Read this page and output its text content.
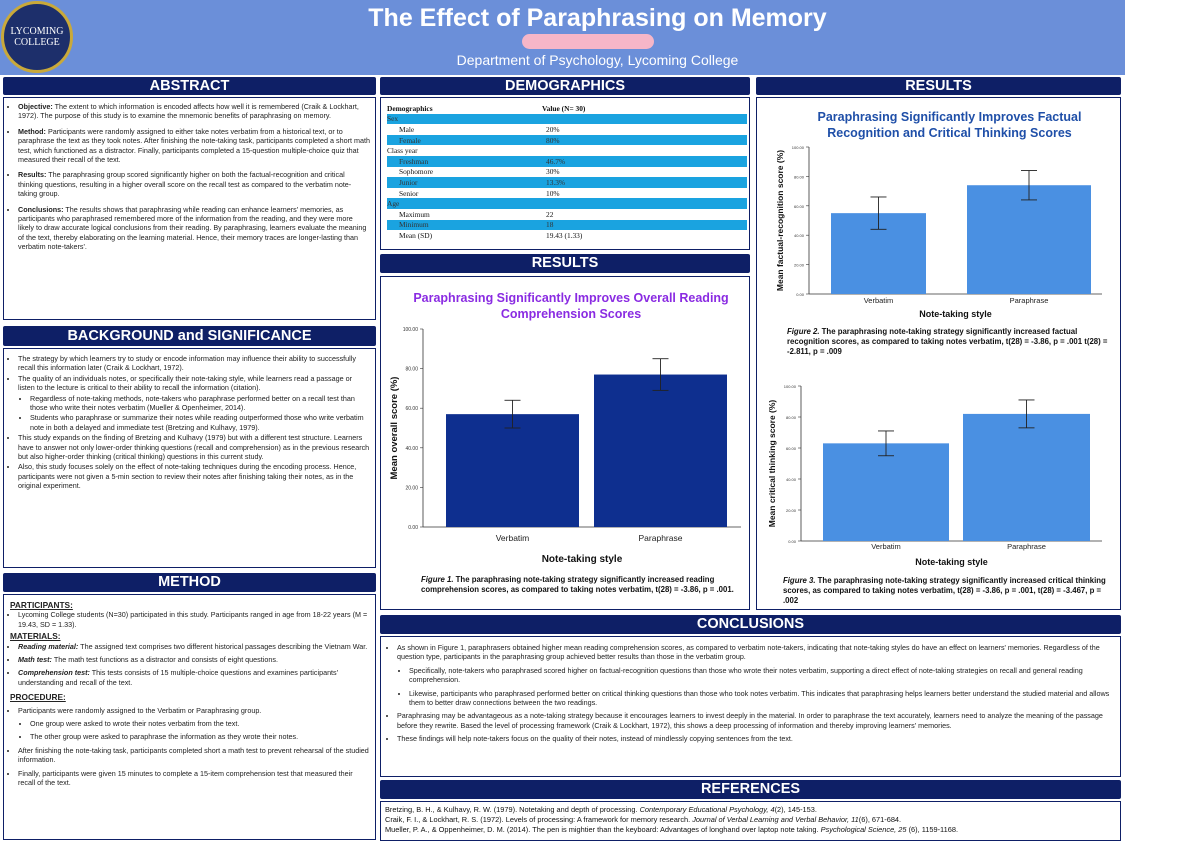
LYCOMING
COLLEGE
The Effect of Paraphrasing on Memory
Department of Psychology, Lycoming College
ABSTRACT
• Objective: The extent to which information is encoded affects how well it is remembered (Craik & Lockhart, 1972). The purpose of this study is to examine the mnemonic benefits of paraphrasing on memory.
• Method: Participants were randomly assigned to either take notes verbatim from a historical text, or to paraphrase the text as they took notes. After finishing the note-taking task, participants completed a short math test, which functioned as a distractor. Finally, participants completed a 15-question multiple-choice quiz that measured their recall of the text.
• Results: The paraphrasing group scored significantly higher on both the factual-recognition and critical thinking questions, resulting in a higher overall score on the recall test as compared to the verbatim note-taking group.
• Conclusions: The results shows that paraphrasing while reading can enhance learners' memories, as participants who paraphrased remembered more of the information from the reading, and they were more likely to draw accurate logical conclusions from their reading. By paraphrasing, learners evaluate the meaning of the text, thereby elaborating on the learning material. Hence, their memory traces are longer-lasting than verbatim note-takers'.
BACKGROUND and SIGNIFICANCE
• The strategy by which learners try to study or encode information may influence their ability to successfully recall this information later (Craik & Lockhart, 1972).
• The quality of an individuals notes, or specifically their note-taking style, while learners read a passage or listen to the lecture is critical to their ability to recall the information (citation).
• Regardless of note-taking methods, note-takers who paraphrase performed better on a recall test than those who write their notes verbatim (Mueller & Openheimer, 2014).
• Students who paraphrase or summarize their notes while reading outperformed those who write verbatim note in both a delayed and immediate test (Bretzing and Kulhavy, 1979).
• This study expands on the finding of Bretzing and Kulhavy (1979) but with a different test structure. Learners have to answer not only lower-order thinking questions (recall and comprehension) as in the previous research but also higher-order thinking (critical thinking) questions in this current study.
• Also, this study focuses solely on the effect of note-taking techniques during the encoding process. Hence, participants were not given a 5-min section to review their notes after finishing taking their notes, as in the original experiment.
METHOD

PARTICIPANTS:

• Lycoming College students (N=30) participated in this study. Participants ranged in age from 18-22 years (M = 19.43, SD = 1.33).

MATERIALS:

• Reading material: The assigned text comprises two different historical passages describing the Vietnam War.
• Math test: The math test functions as a distractor and consists of eight questions.
• Comprehension test: This tests consists of 15 multiple-choice questions and examines participants' understanding and recall of the text.

PROCEDURE:

• Participants were randomly assigned to the Verbatim or Paraphrasing group.
• One group were asked to wrote their notes verbatim from the text.
• The other group were asked to paraphrase the information as they wrote their notes.
• After finishing the note-taking task, participants completed short a math test to prevent rehearsal of the studied information.
• Finally, participants were given 15 minutes to complete a 15-item comprehension test that measured their recall of the text.
DEMOGRAPHICS
Demographics	Value (N= 30)
Sex
Male	20%
Female	80%
Class year
Freshman	46.7%
Sophomore	30%
Junior	13.3%
Senior	10%
Age
Maximum	22
Minimum	18
Mean (SD)	19.43 (1.33)
RESULTS
Paraphrasing Significantly Improves Overall Reading Comprehension Scores
0.00
20.00
40.00
60.00
80.00
100.00
Verbatim	Paraphrase
Note-taking style
Mean overall score (%)
Figure 1. The paraphrasing note-taking strategy significantly increased reading comprehension scores, as compared to taking notes verbatim, t(28) = -3.86, p = .001.
RESULTS
Paraphrasing Significantly Improves Factual Recognition and Critical Thinking Scores
0.00
20.00
40.00
60.00
80.00
100.00
Verbatim	Paraphrase
Note-taking style
Mean factual-recognition score (%)
Figure 2. The paraphrasing note-taking strategy significantly increased factual recognition scores, as compared to taking notes verbatim, t(28) = -3.86, p = .001 t(28) = -2.811, p = .009
0.00
20.00
40.00
60.00
80.00
100.00
Verbatim	Paraphrase
Note-taking style
Mean critical thinking score (%)
Figure 3. The paraphrasing note-taking strategy significantly increased critical thinking scores, as compared to taking notes verbatim, t(28) = -3.86, p = .001, t(28) = -3.467, p = .002
CONCLUSIONS
• As shown in Figure 1, paraphrasers obtained higher mean reading comprehension scores, as compared to verbatim note-takers, indicating that note-taking styles do have an effect on learners' memories. Regardless of the question type, participants in the paraphrasing group achieved better results than those in the verbatim group.
• Specifically, note-takers who paraphrased scored higher on factual-recognition questions than those who wrote their notes verbatim, supporting a direct effect of note-taking strategies on recall and general reading comprehension.
• Likewise, participants who paraphrased performed better on critical thinking questions than those who took notes verbatim. This indicates that paraphrasing helps learners better understand the studied material and allows them to better draw connections between the two readings.
• Paraphrasing may be advantageous as a note-taking strategy because it encourages learners to invest deeply in the material. In order to paraphrase the text accurately, learners need to analyze the meaning of the passage before they rewrite. Based the level of processing framework (Craik & Lockhart, 1972), this shows a deep processing of information and thereby improving learners' memories.
• These findings will help note-takers focus on the quality of their notes, instead of mindlessly copying sentences from the text.
REFERENCES
Bretzing, B. H., & Kulhavy, R. W. (1979). Notetaking and depth of processing. Contemporary Educational Psychology, 4(2), 145-153.
Craik, F. I., & Lockhart, R. S. (1972). Levels of processing: A framework for memory research. Journal of Verbal Learning and Verbal Behavior, 11(6), 671-684.
Mueller, P. A., & Oppenheimer, D. M. (2014). The pen is mightier than the keyboard: Advantages of longhand over laptop note taking. Psychological Science, 25 (6), 1159-1168.
